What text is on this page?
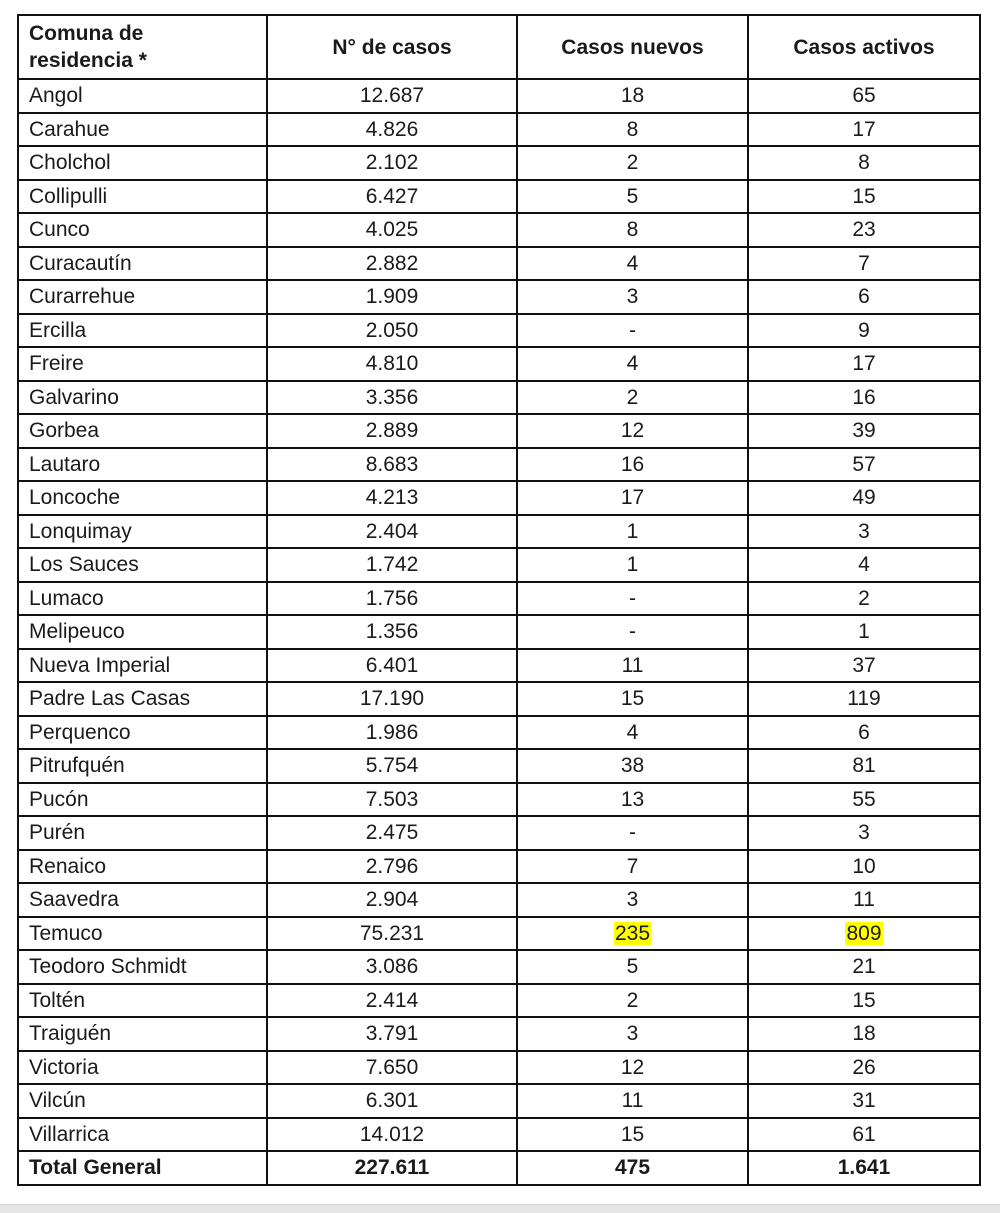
Comuna de
residencia *	N° de casos	Casos nuevos	Casos activos
Angol	12.687	18	65
Carahue	4.826	8	17
Cholchol	2.102	2	8
Collipulli	6.427	5	15
Cunco	4.025	8	23
Curacautín	2.882	4	7
Curarrehue	1.909	3	6
Ercilla	2.050	-	9
Freire	4.810	4	17
Galvarino	3.356	2	16
Gorbea	2.889	12	39
Lautaro	8.683	16	57
Loncoche	4.213	17	49
Lonquimay	2.404	1	3
Los Sauces	1.742	1	4
Lumaco	1.756	-	2
Melipeuco	1.356	-	1
Nueva Imperial	6.401	11	37
Padre Las Casas	17.190	15	119
Perquenco	1.986	4	6
Pitrufquén	5.754	38	81
Pucón	7.503	13	55
Purén	2.475	-	3
Renaico	2.796	7	10
Saavedra	2.904	3	11
Temuco	75.231	235	809
Teodoro Schmidt	3.086	5	21
Toltén	2.414	2	15
Traiguén	3.791	3	18
Victoria	7.650	12	26
Vilcún	6.301	11	31
Villarrica	14.012	15	61
Total General	227.611	475	1.641
